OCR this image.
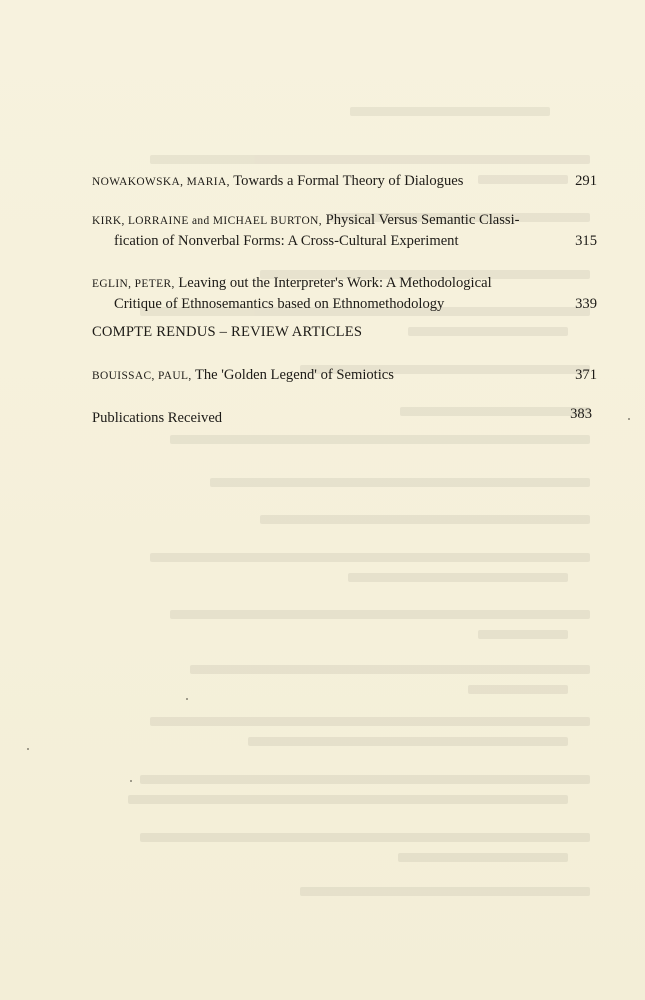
NOWAKOWSKA, MARIA, Towards a Formal Theory of Dialogues	291
KIRK, LORRAINE and MICHAEL BURTON, Physical Versus Semantic Classi-
fication of Nonverbal Forms: A Cross-Cultural Experiment	315
EGLIN, PETER, Leaving out the Interpreter's Work: A Methodological
Critique of Ethnosemantics based on Ethnomethodology	339
COMPTE RENDUS – REVIEW ARTICLES
BOUISSAC, PAUL, The 'Golden Legend' of Semiotics	371
Publications Received	383
